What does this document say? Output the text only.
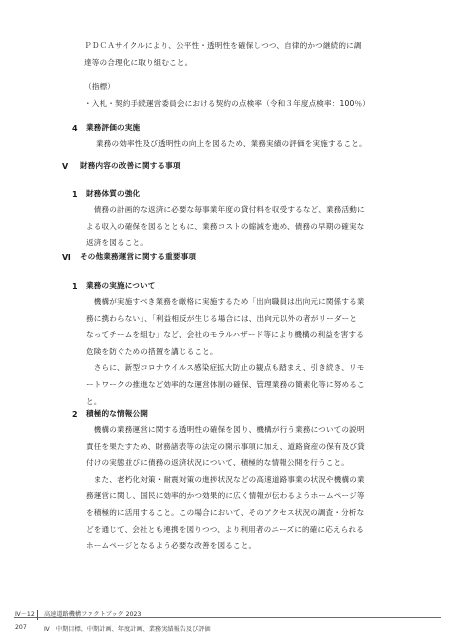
ＰＤＣＡサイクルにより、公平性・透明性を確保しつつ、自律的かつ継続的に調
達等の合理化に取り組むこと。
（指標）
・入札・契約手続運営委員会における契約の点検率（令和３年度点検率：100％）
4 業務評価の実施
業務の効率性及び透明性の向上を図るため、業務実績の評価を実施すること。
Ⅴ 財務内容の改善に関する事項
1 財務体質の強化
　債務の計画的な返済に必要な毎事業年度の貸付料を収受するなど、業務活動に
よる収入の確保を図るとともに、業務コストの縮減を進め、債務の早期の確実な
返済を図ること。
Ⅵ その他業務運営に関する重要事項
1 業務の実施について
　機構が実施すべき業務を厳格に実施するため「出向職員は出向元に関係する業
務に携わらない」、「利益相反が生じる場合には、出向元以外の者がリーダーと
なってチームを組む」など、会社のモラルハザード等により機構の利益を害する
危険を防ぐための措置を講じること。
　さらに、新型コロナウイルス感染症拡大防止の観点も踏まえ、引き続き、リモ
ートワークの推進など効率的な運営体制の確保、管理業務の簡素化等に努めるこ
と。
2 積極的な情報公開
　機構の業務運営に関する透明性の確保を図り、機構が行う業務についての説明
責任を果たすため、財務諸表等の法定の開示事項に加え、道路資産の保有及び貸
付けの実態並びに債務の返済状況について、積極的な情報公開を行うこと。
　また、老朽化対策・耐震対策の進捗状況などの高速道路事業の状況や機構の業
務運営に関し、国民に効率的かつ効果的に広く情報が伝わるようホームページ等
を積極的に活用すること。この場合において、そのアクセス状況の調査・分析な
どを通じて、会社とも連携を図りつつ、より利用者のニーズに的確に応えられる
ホームページとなるよう必要な改善を図ること。
Ⅳ－12
207
高速道路機構ファクトブック 2023
Ⅳ　中期目標、中期計画、年度計画、業務実績報告及び評価
